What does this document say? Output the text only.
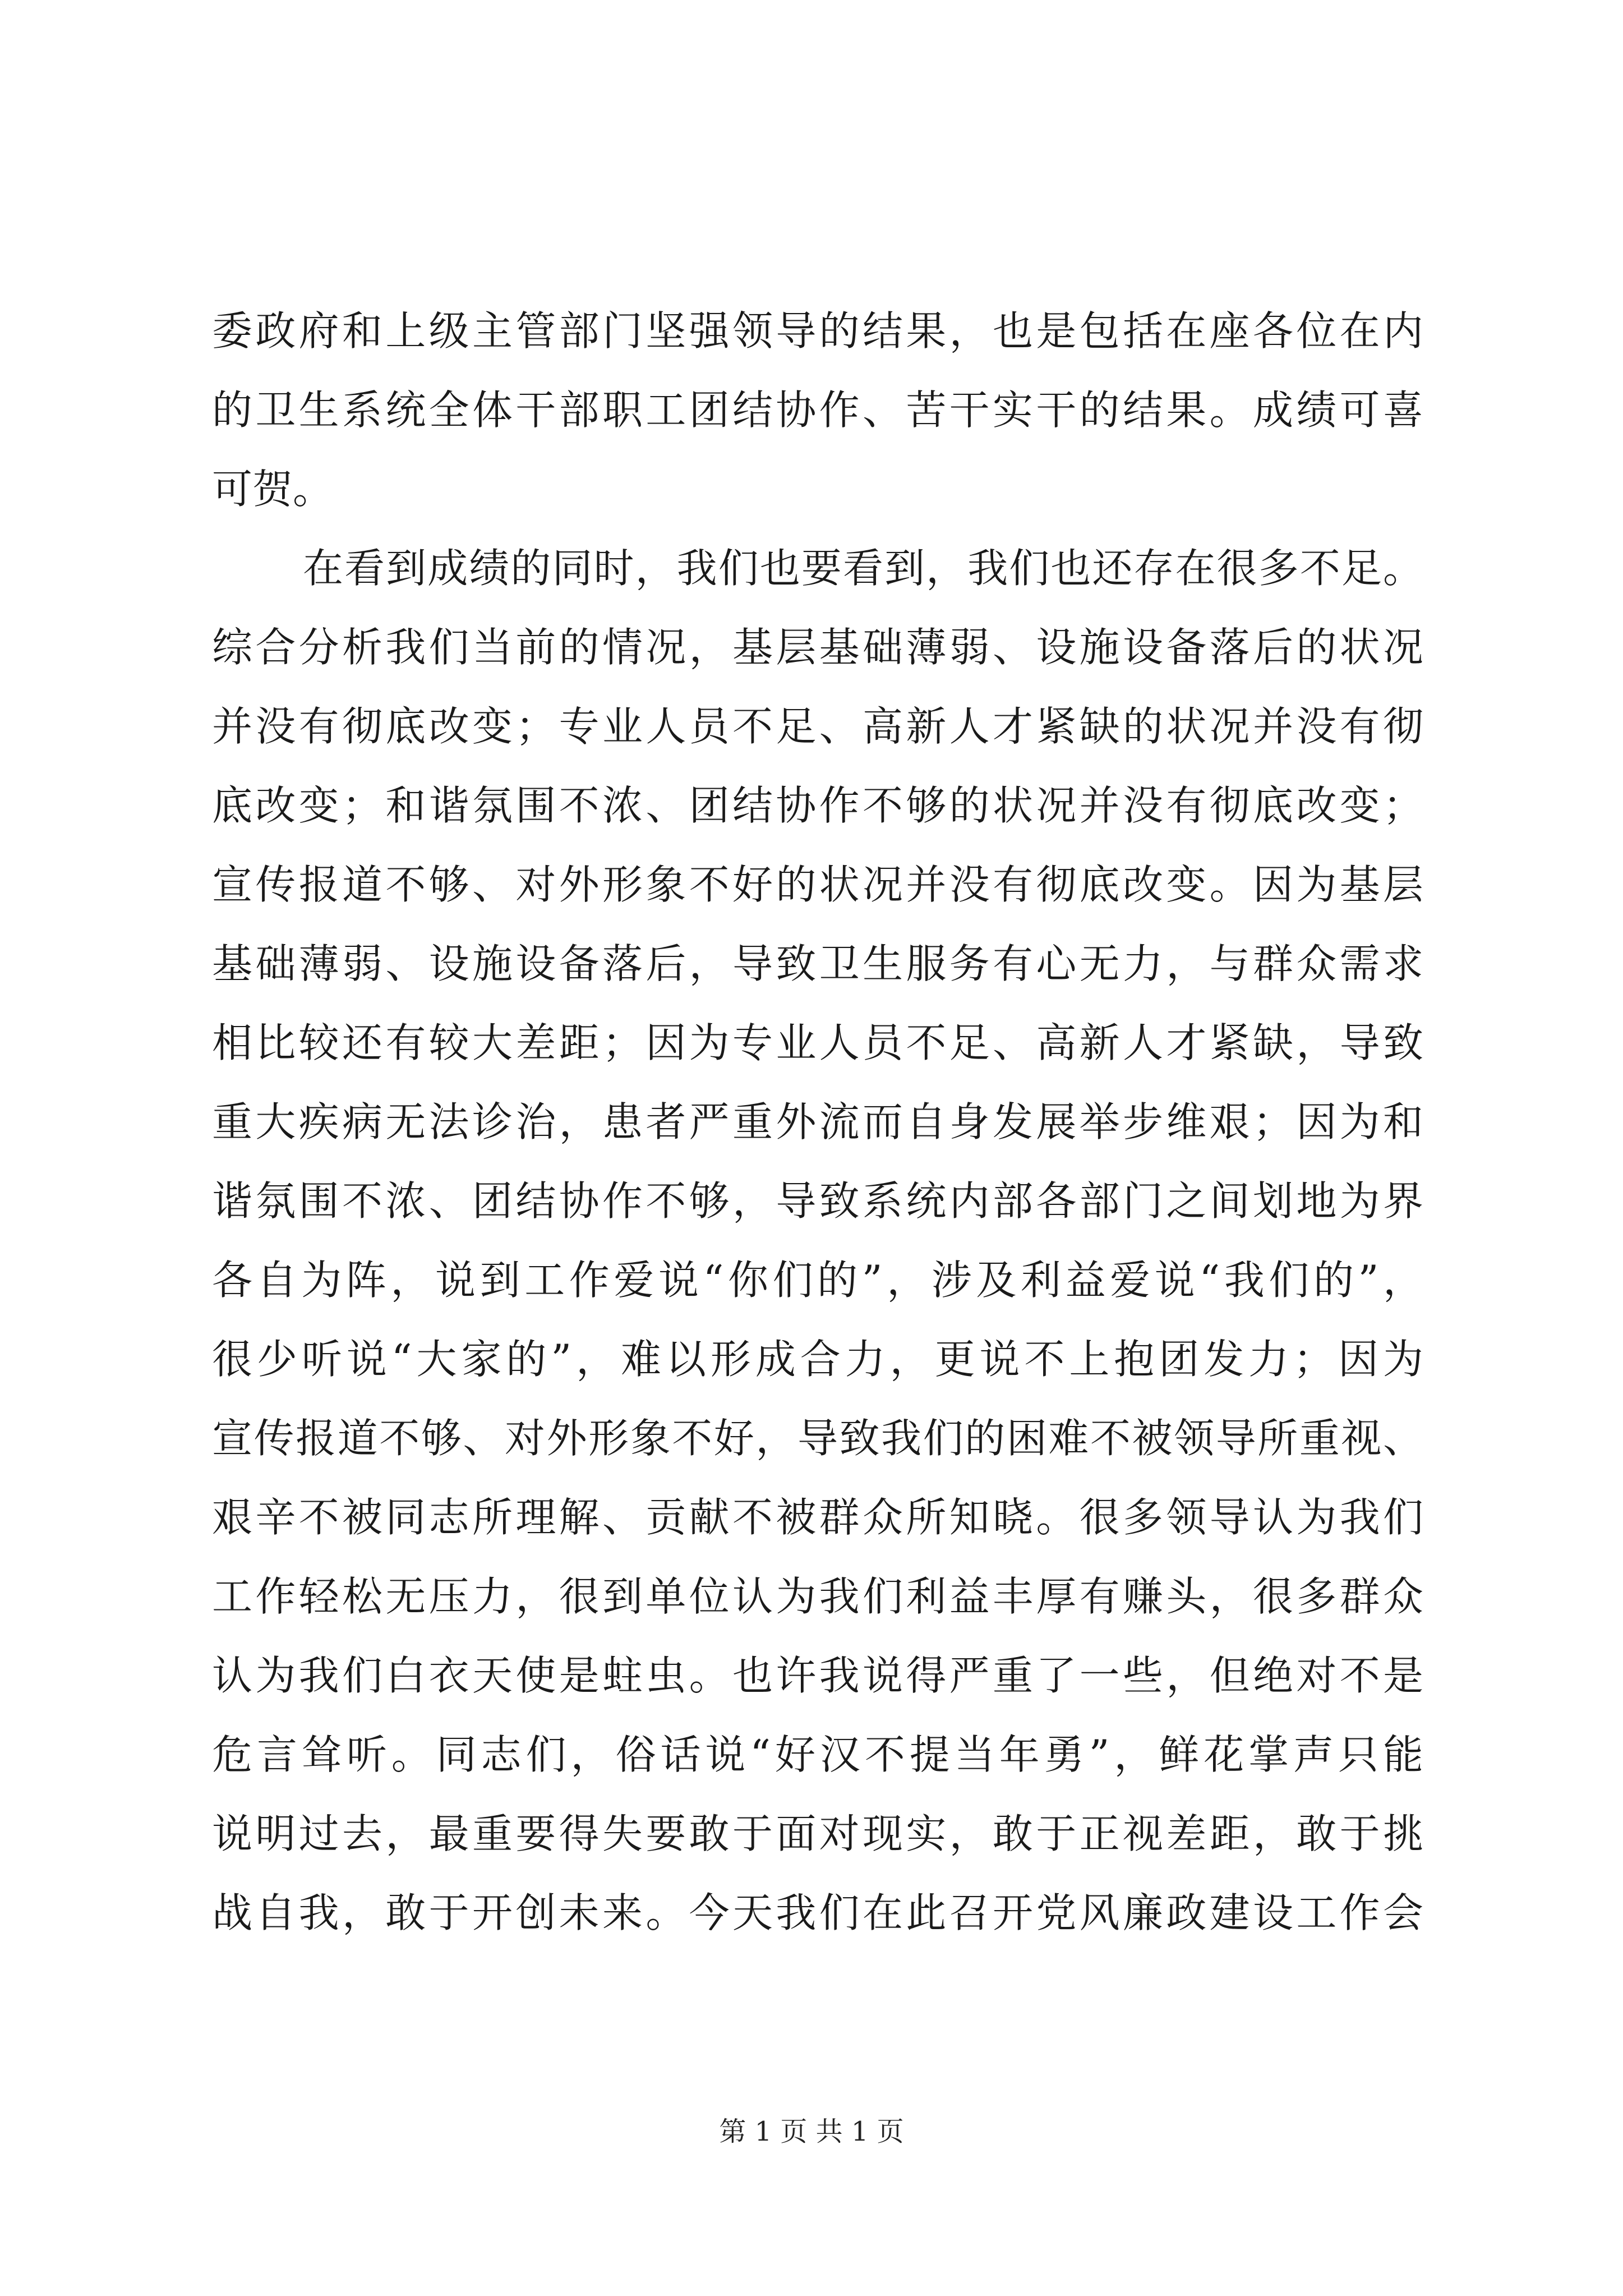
委政府和上级主管部门坚强领导的结果，也是包括在座各位在内
的卫生系统全体干部职工团结协作、苦干实干的结果。成绩可喜
可贺。
在看到成绩的同时，我们也要看到，我们也还存在很多不足。
综合分析我们当前的情况，基层基础薄弱、设施设备落后的状况
并没有彻底改变；专业人员不足、高新人才紧缺的状况并没有彻
底改变；和谐氛围不浓、团结协作不够的状况并没有彻底改变；
宣传报道不够、对外形象不好的状况并没有彻底改变。因为基层
基础薄弱、设施设备落后，导致卫生服务有心无力，与群众需求
相比较还有较大差距；因为专业人员不足、高新人才紧缺，导致
重大疾病无法诊治，患者严重外流而自身发展举步维艰；因为和
谐氛围不浓、团结协作不够，导致系统内部各部门之间划地为界
各自为阵，说到工作爱说“你们的”，涉及利益爱说“我们的”，
很少听说“大家的”，难以形成合力，更说不上抱团发力；因为
宣传报道不够、对外形象不好，导致我们的困难不被领导所重视、
艰辛不被同志所理解、贡献不被群众所知晓。很多领导认为我们
工作轻松无压力，很到单位认为我们利益丰厚有赚头，很多群众
认为我们白衣天使是蛀虫。也许我说得严重了一些，但绝对不是
危言耸听。同志们，俗话说“好汉不提当年勇”，鲜花掌声只能
说明过去，最重要得失要敢于面对现实，敢于正视差距，敢于挑
战自我，敢于开创未来。今天我们在此召开党风廉政建设工作会
第 1 页 共 1 页
